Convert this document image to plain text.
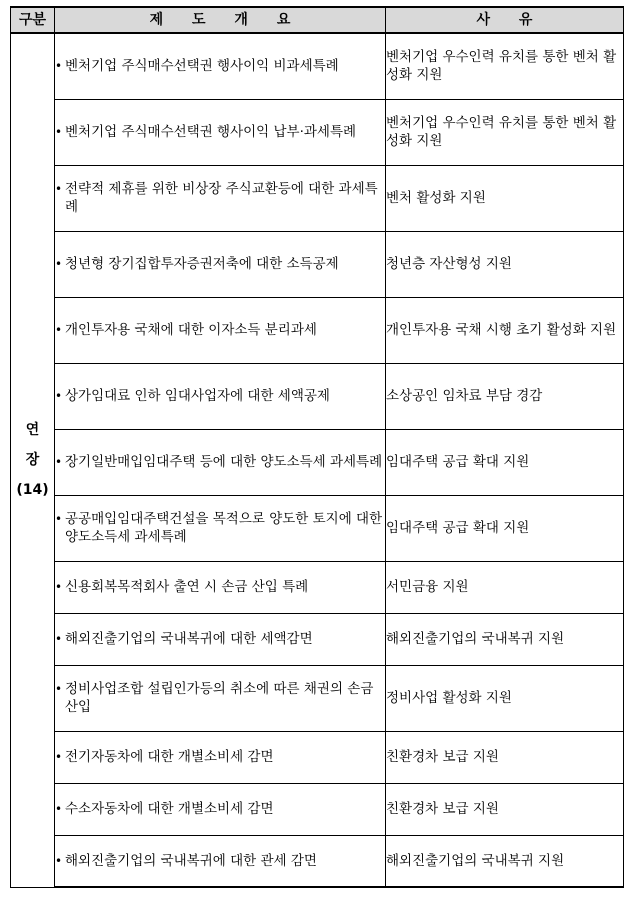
구분	제 도 개 요	사 유

연
장
(14)	• 벤처기업 주식매수선택권 행사이익 비과세특례	벤처기업 우수인력 유치를 통한 벤처 활성화 지원

	• 벤처기업 주식매수선택권 행사이익 납부·과세특례	벤처기업 우수인력 유치를 통한 벤처 활성화 지원

	• 전략적 제휴를 위한 비상장 주식교환등에 대한 과세특례	벤처 활성화 지원

	• 청년형 장기집합투자증권저축에 대한 소득공제	청년층 자산형성 지원

	• 개인투자용 국채에 대한 이자소득 분리과세	개인투자용 국채 시행 초기 활성화 지원

	• 상가임대료 인하 임대사업자에 대한 세액공제	소상공인 임차료 부담 경감

	• 장기일반매입임대주택 등에 대한 양도소득세 과세특례	임대주택 공급 확대 지원

	• 공공매입임대주택건설을 목적으로 양도한 토지에 대한 양도소득세 과세특례	임대주택 공급 확대 지원

	• 신용회복목적회사 출연 시 손금 산입 특례	서민금융 지원

	• 해외진출기업의 국내복귀에 대한 세액감면	해외진출기업의 국내복귀 지원

	• 정비사업조합 설립인가등의 취소에 따른 채권의 손금산입	정비사업 활성화 지원

	• 전기자동차에 대한 개별소비세 감면	친환경차 보급 지원

	• 수소자동차에 대한 개별소비세 감면	친환경차 보급 지원

	• 해외진출기업의 국내복귀에 대한 관세 감면	해외진출기업의 국내복귀 지원
